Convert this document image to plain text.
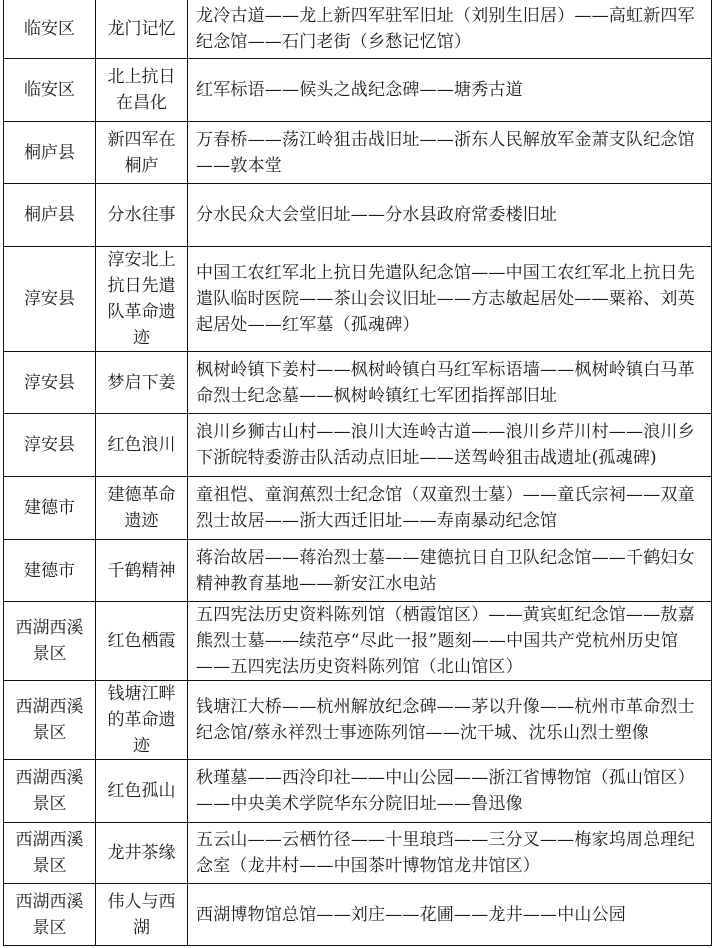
临安区	龙门记忆	龙冷古道——龙上新四军驻军旧址（刘别生旧居）——高虹新四军纪念馆——石门老街（乡愁记忆馆）
临安区	北上抗日在昌化	红军标语——候头之战纪念碑——塘秀古道
桐庐县	新四军在桐庐	万春桥——荡江岭狙击战旧址——浙东人民解放军金萧支队纪念馆——敦本堂
桐庐县	分水往事	分水民众大会堂旧址——分水县政府常委楼旧址
淳安县	淳安北上抗日先遣队革命遗迹	中国工农红军北上抗日先遣队纪念馆——中国工农红军北上抗日先遣队临时医院——茶山会议旧址——方志敏起居处——粟裕、刘英起居处——红军墓（孤魂碑）
淳安县	梦启下姜	枫树岭镇下姜村——枫树岭镇白马红军标语墙——枫树岭镇白马革命烈士纪念墓——枫树岭镇红七军团指挥部旧址
淳安县	红色浪川	浪川乡狮古山村——浪川大连岭古道——浪川乡芹川村——浪川乡下浙皖特委游击队活动点旧址——送驾岭狙击战遗址(孤魂碑)
建德市	建德革命遗迹	童祖恺、童润蕉烈士纪念馆（双童烈士墓）——童氏宗祠——双童烈士故居——浙大西迁旧址——寿南暴动纪念馆
建德市	千鹤精神	蒋治故居——蒋治烈士墓——建德抗日自卫队纪念馆——千鹤妇女精神教育基地——新安江水电站
西湖西溪景区	红色栖霞	五四宪法历史资料陈列馆（栖霞馆区）——黄宾虹纪念馆——敖嘉熊烈士墓——续范亭“尽此一报”题刻——中国共产党杭州历史馆——五四宪法历史资料陈列馆（北山馆区）
西湖西溪景区	钱塘江畔的革命遗迹	钱塘江大桥——杭州解放纪念碑——茅以升像——杭州市革命烈士纪念馆/蔡永祥烈士事迹陈列馆——沈干城、沈乐山烈士塑像
西湖西溪景区	红色孤山	秋瑾墓——西泠印社——中山公园——浙江省博物馆（孤山馆区）——中央美术学院华东分院旧址——鲁迅像
西湖西溪景区	龙井茶缘	五云山——云栖竹径——十里琅珰——三分叉——梅家坞周总理纪念室（龙井村——中国茶叶博物馆龙井馆区）
西湖西溪景区	伟人与西湖	西湖博物馆总馆——刘庄——花圃——龙井——中山公园
